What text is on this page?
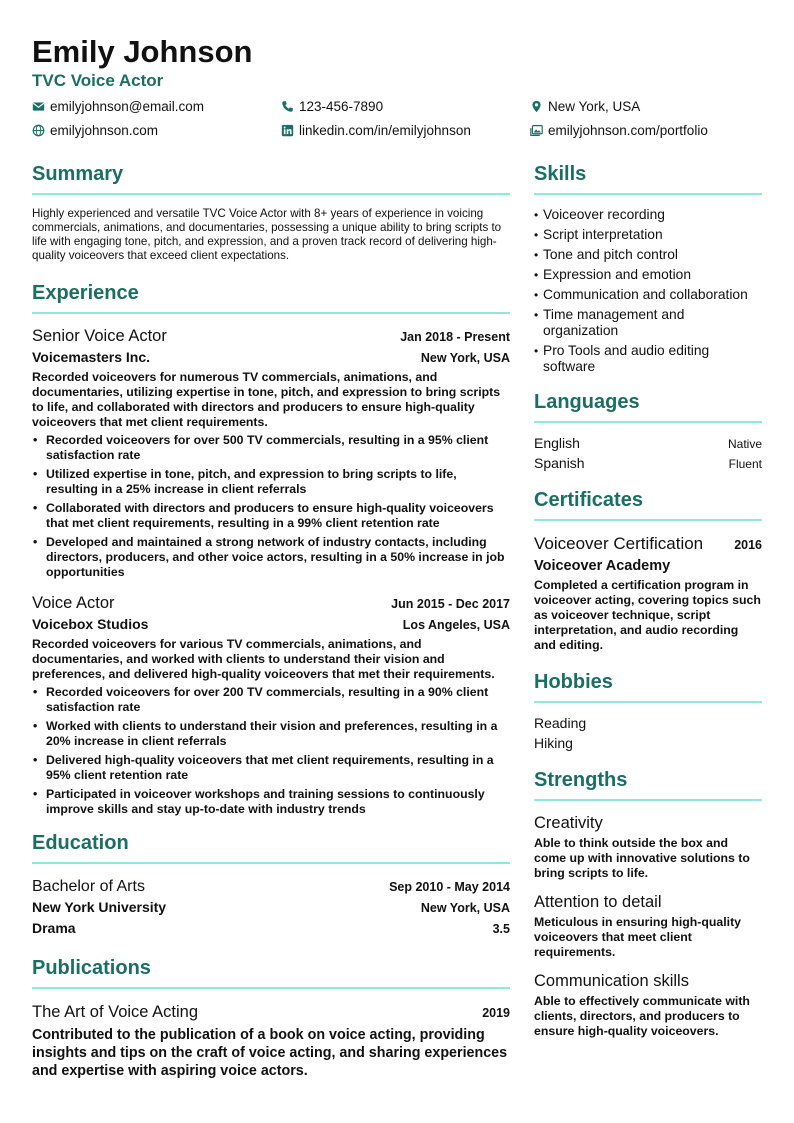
Emily Johnson
TVC Voice Actor
emilyjohnson@email.com	123-456-7890	New York, USA
emilyjohnson.com	linkedin.com/in/emilyjohnson	emilyjohnson.com/portfolio
Summary

Highly experienced and versatile TVC Voice Actor with 8+ years of experience in voicing commercials, animations, and documentaries, possessing a unique ability to bring scripts to life with engaging tone, pitch, and expression, and a proven track record of delivering high-quality voiceovers that exceed client expectations.

Experience
Senior Voice Actor	Jan 2018 - Present
Voicemasters Inc.	New York, USA

Recorded voiceovers for numerous TV commercials, animations, and documentaries, utilizing expertise in tone, pitch, and expression to bring scripts to life, and collaborated with directors and producers to ensure high-quality voiceovers that met client requirements.

• Recorded voiceovers for over 500 TV commercials, resulting in a 95% client satisfaction rate
• Utilized expertise in tone, pitch, and expression to bring scripts to life, resulting in a 25% increase in client referrals
• Collaborated with directors and producers to ensure high-quality voiceovers that met client requirements, resulting in a 99% client retention rate
• Developed and maintained a strong network of industry contacts, including directors, producers, and other voice actors, resulting in a 50% increase in job opportunities
Voice Actor	Jun 2015 - Dec 2017
Voicebox Studios	Los Angeles, USA

Recorded voiceovers for various TV commercials, animations, and documentaries, and worked with clients to understand their vision and preferences, and delivered high-quality voiceovers that met their requirements.

• Recorded voiceovers for over 200 TV commercials, resulting in a 90% client satisfaction rate
• Worked with clients to understand their vision and preferences, resulting in a 20% increase in client referrals
• Delivered high-quality voiceovers that met client requirements, resulting in a 95% client retention rate
• Participated in voiceover workshops and training sessions to continuously improve skills and stay up-to-date with industry trends
Education
Bachelor of Arts	Sep 2010 - May 2014
New York University	New York, USA
Drama	3.5
Publications
The Art of Voice Acting	2019
Contributed to the publication of a book on voice acting, providing insights and tips on the craft of voice acting, and sharing experiences and expertise with aspiring voice actors.
Skills
• Voiceover recording
• Script interpretation
• Tone and pitch control
• Expression and emotion
• Communication and collaboration
• Time management and organization
• Pro Tools and audio editing software
Languages
English	Native
Spanish	Fluent
Certificates
Voiceover Certification 2016
Voiceover Academy
Completed a certification program in voiceover acting, covering topics such as voiceover technique, script interpretation, and audio recording and editing.
Hobbies
Reading
Hiking
Strengths
Creativity
Able to think outside the box and come up with innovative solutions to bring scripts to life.
Attention to detail
Meticulous in ensuring high-quality voiceovers that meet client requirements.
Communication skills
Able to effectively communicate with clients, directors, and producers to ensure high-quality voiceovers.
